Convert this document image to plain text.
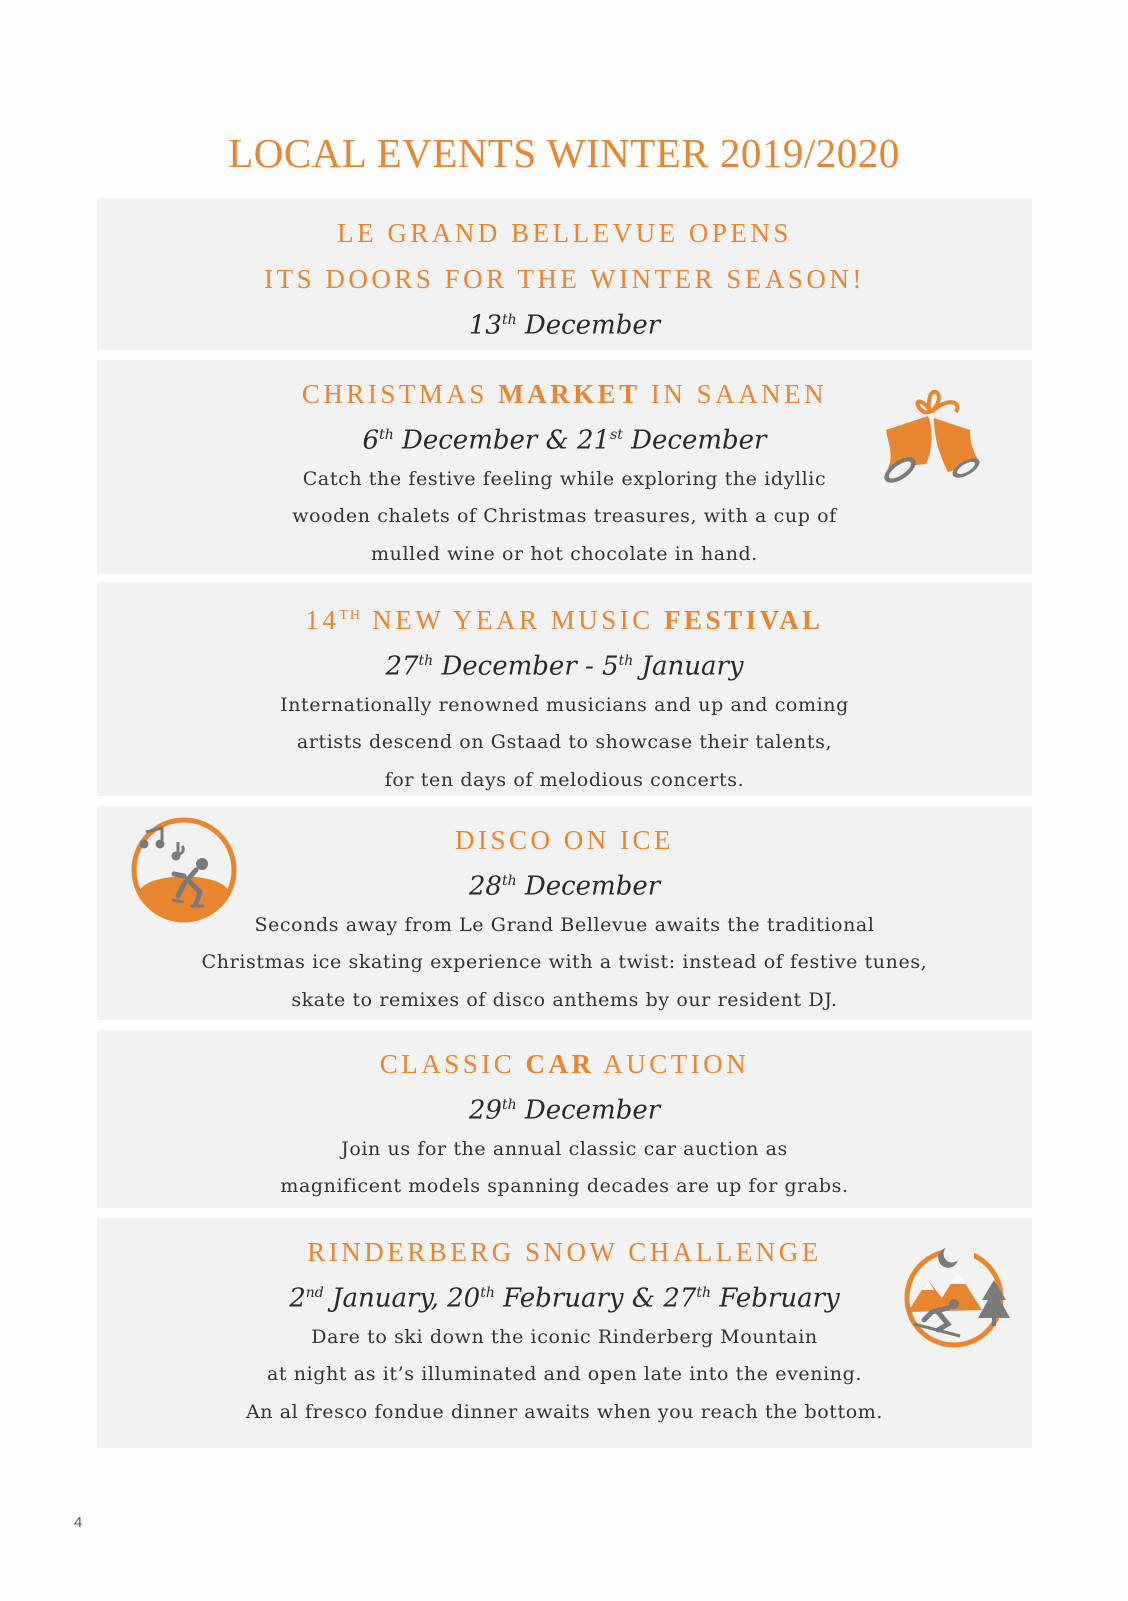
LOCAL EVENTS WINTER 2019/2020
LE GRAND BELLEVUE OPENS
ITS DOORS FOR THE WINTER SEASON!
13th December
CHRISTMAS MARKET IN SAANEN
6th December & 21st December
Catch the festive feeling while exploring the idyllic
wooden chalets of Christmas treasures, with a cup of
mulled wine or hot chocolate in hand.
14TH NEW YEAR MUSIC FESTIVAL
27th December - 5th January
Internationally renowned musicians and up and coming
artists descend on Gstaad to showcase their talents,
for ten days of melodious concerts.
DISCO ON ICE
28th December
Seconds away from Le Grand Bellevue awaits the traditional
Christmas ice skating experience with a twist: instead of festive tunes,
skate to remixes of disco anthems by our resident DJ.
CLASSIC CAR AUCTION
29th December
Join us for the annual classic car auction as
magnificent models spanning decades are up for grabs.
RINDERBERG SNOW CHALLENGE
2nd January, 20th February & 27th February
Dare to ski down the iconic Rinderberg Mountain
at night as it’s illuminated and open late into the evening.
An al fresco fondue dinner awaits when you reach the bottom.
4
